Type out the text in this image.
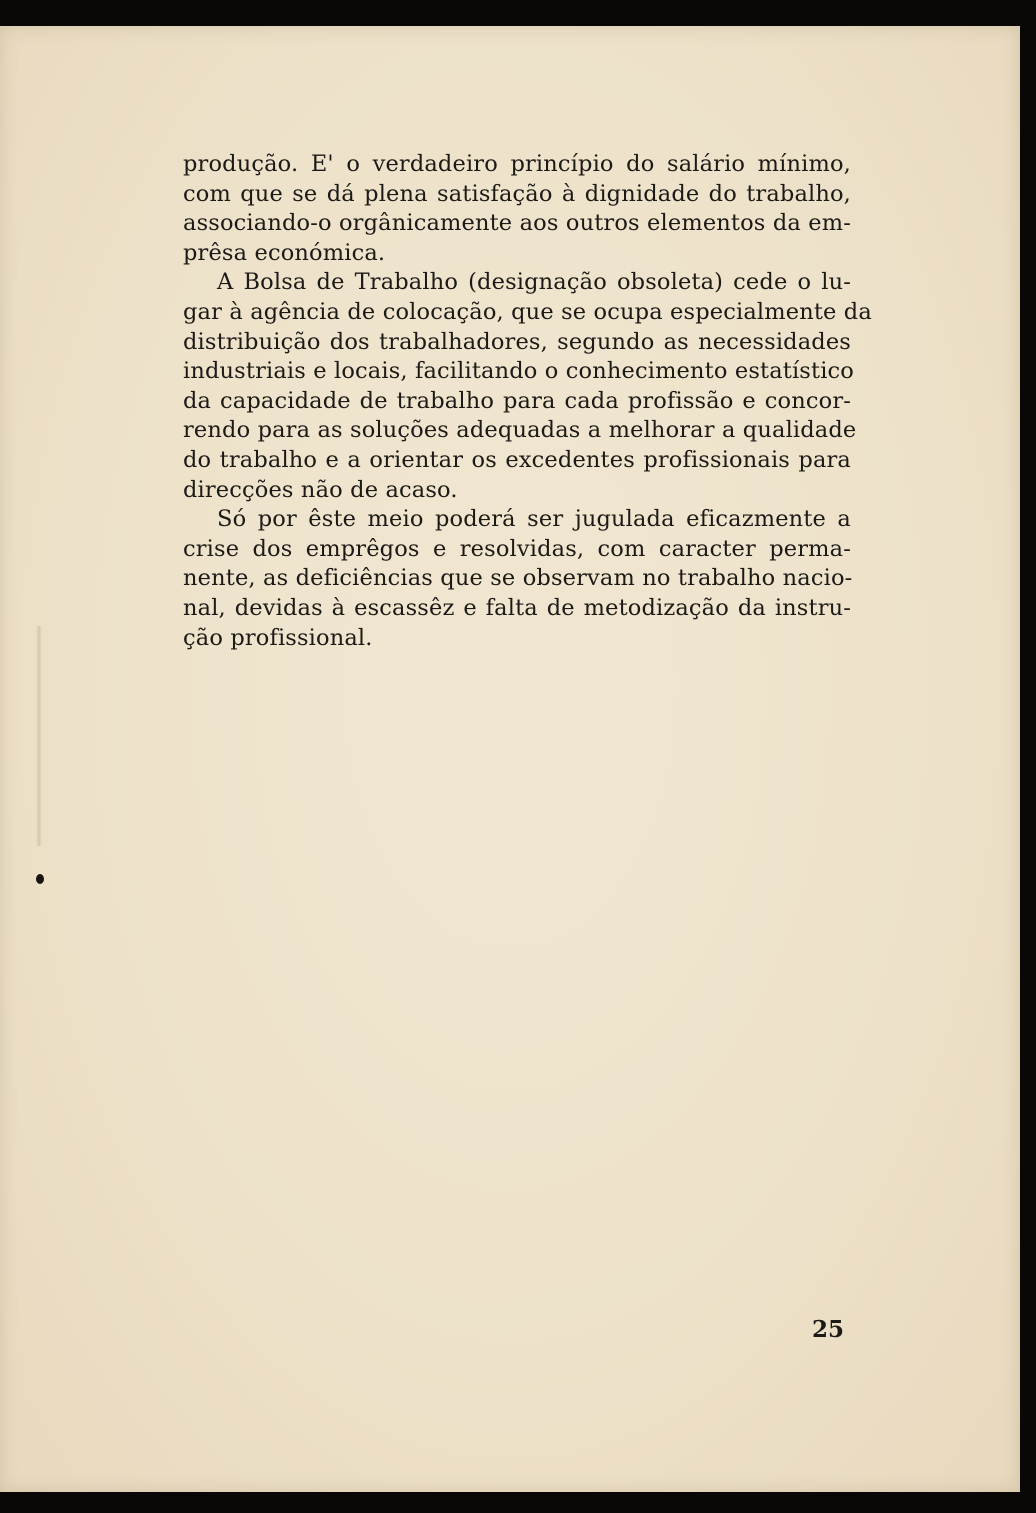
produção. E' o verdadeiro princípio do salário mínimo,
com que se dá plena satisfação à dignidade do trabalho,
associando-o orgânicamente aos outros elementos da em-
prêsa económica.
A Bolsa de Trabalho (designação obsoleta) cede o lu-
gar à agência de colocação, que se ocupa especialmente da
distribuição dos trabalhadores, segundo as necessidades
industriais e locais, facilitando o conhecimento estatístico
da capacidade de trabalho para cada profissão e concor-
rendo para as soluções adequadas a melhorar a qualidade
do trabalho e a orientar os excedentes profissionais para
direcções não de acaso.
Só por êste meio poderá ser jugulada eficazmente a
crise dos emprêgos e resolvidas, com caracter perma-
nente, as deficiências que se observam no trabalho nacio-
nal, devidas à escassêz e falta de metodização da instru-
ção profissional.
25
